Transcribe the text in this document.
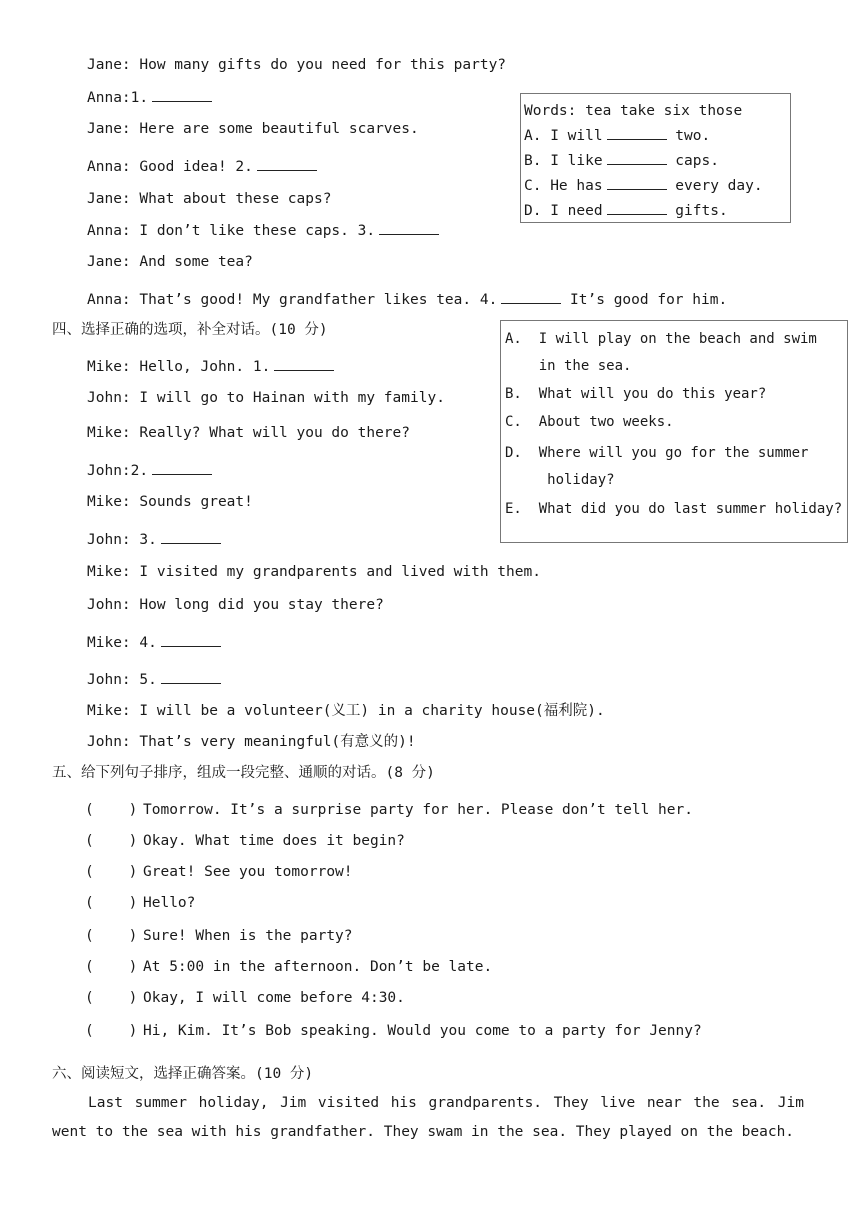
Anna: That’s good! My grandfather likes tea. 4.	It’s good for him.
Words: tea take six those
A. I will	two.
B. I like	caps.
C. He has	every day.
D. I need	gifts.
四、选择正确的选项，补全对话。(10 分)
A.  I will play on the beach and swim
in the sea.
B.  What will you do this year?
C.  About two weeks.
D.  Where will you go for the summer
holiday?
E.  What did you do last summer holiday?
五、给下列句子排序，组成一段完整、通顺的对话。(8 分)
六、阅读短文，选择正确答案。(10 分)
Last summer holiday, Jim visited his grandparents. They live near the sea. Jim went to the sea with his grandfather. They swam in the sea. They played on the beach.
Jane: How many gifts do you need for this party?
Anna:1.
Jane: Here are some beautiful scarves.
Anna: Good idea! 2.
Jane: What about these caps?
Anna: I don’t like these caps. 3.
Jane: And some tea?
Mike: Hello, John. 1.
John: I will go to Hainan with my family.
Mike: Really? What will you do there?
John:2.
Mike: Sounds great!
John: 3.
Mike: I visited my grandparents and lived with them.
John: How long did you stay there?
Mike: 4.
John: 5.
Mike: I will be a volunteer(义工) in a charity house(福利院).
John: That’s very meaningful(有意义的)!
(    ) Tomorrow. It’s a surprise party for her. Please don’t tell her.
(    ) Okay. What time does it begin?
(    ) Great! See you tomorrow!
(    ) Hello?
(    ) Sure! When is the party?
(    ) At 5:00 in the afternoon. Don’t be late.
(    ) Okay, I will come before 4:30.
(    ) Hi, Kim. It’s Bob speaking. Would you come to a party for Jenny?
